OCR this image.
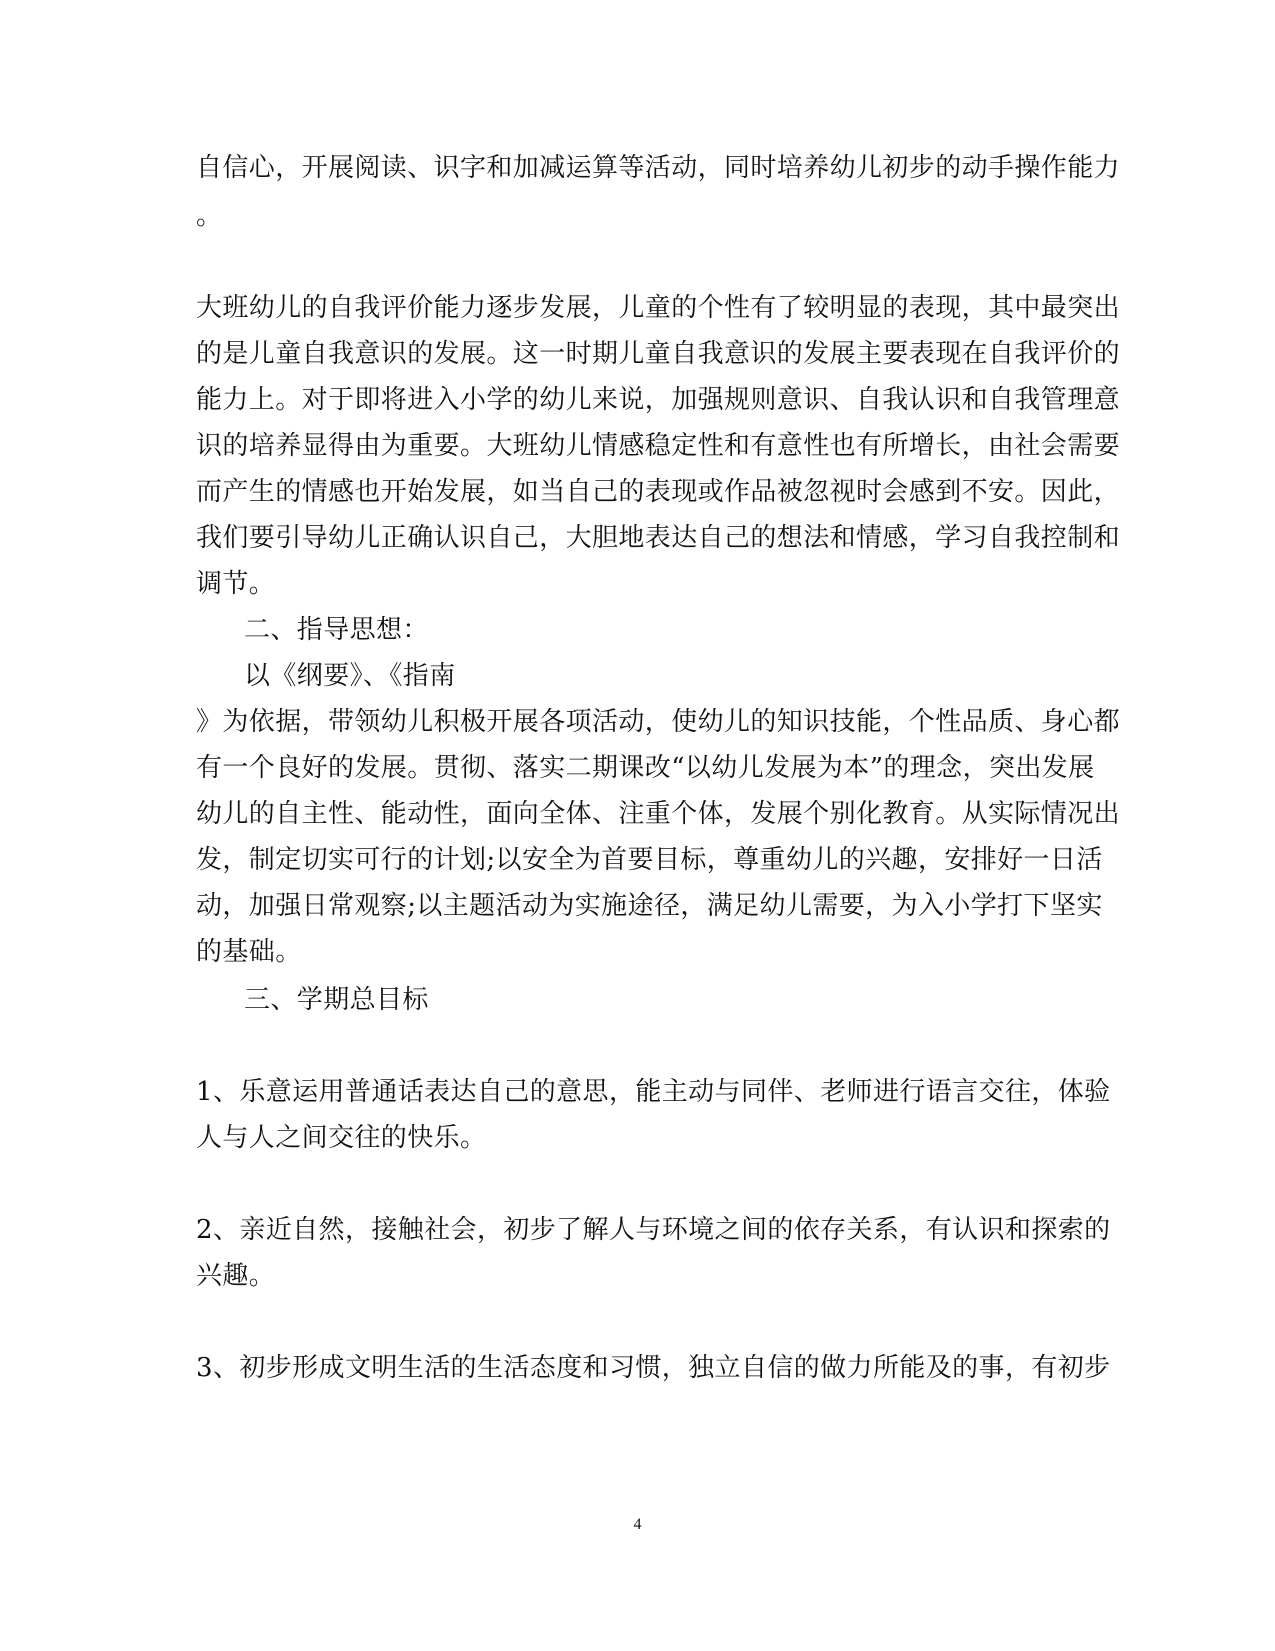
自信心，开展阅读、识字和加减运算等活动，同时培养幼儿初步的动手操作能力
。
大班幼儿的自我评价能力逐步发展，儿童的个性有了较明显的表现，其中最突出
的是儿童自我意识的发展。这一时期儿童自我意识的发展主要表现在自我评价的
能力上。对于即将进入小学的幼儿来说，加强规则意识、自我认识和自我管理意
识的培养显得由为重要。大班幼儿情感稳定性和有意性也有所增长，由社会需要
而产生的情感也开始发展，如当自己的表现或作品被忽视时会感到不安。因此，
我们要引导幼儿正确认识自己，大胆地表达自己的想法和情感，学习自我控制和
调节。
二、指导思想：
以《纲要》、《指南
》为依据，带领幼儿积极开展各项活动，使幼儿的知识技能，个性品质、身心都
有一个良好的发展。贯彻、落实二期课改“以幼儿发展为本”的理念，突出发展
幼儿的自主性、能动性，面向全体、注重个体，发展个别化教育。从实际情况出
发，制定切实可行的计划;以安全为首要目标，尊重幼儿的兴趣，安排好一日活
动，加强日常观察;以主题活动为实施途径，满足幼儿需要，为入小学打下坚实
的基础。
三、学期总目标
1、乐意运用普通话表达自己的意思，能主动与同伴、老师进行语言交往，体验
人与人之间交往的快乐。
2、亲近自然，接触社会，初步了解人与环境之间的依存关系，有认识和探索的
兴趣。
3、初步形成文明生活的生活态度和习惯，独立自信的做力所能及的事，有初步
4
